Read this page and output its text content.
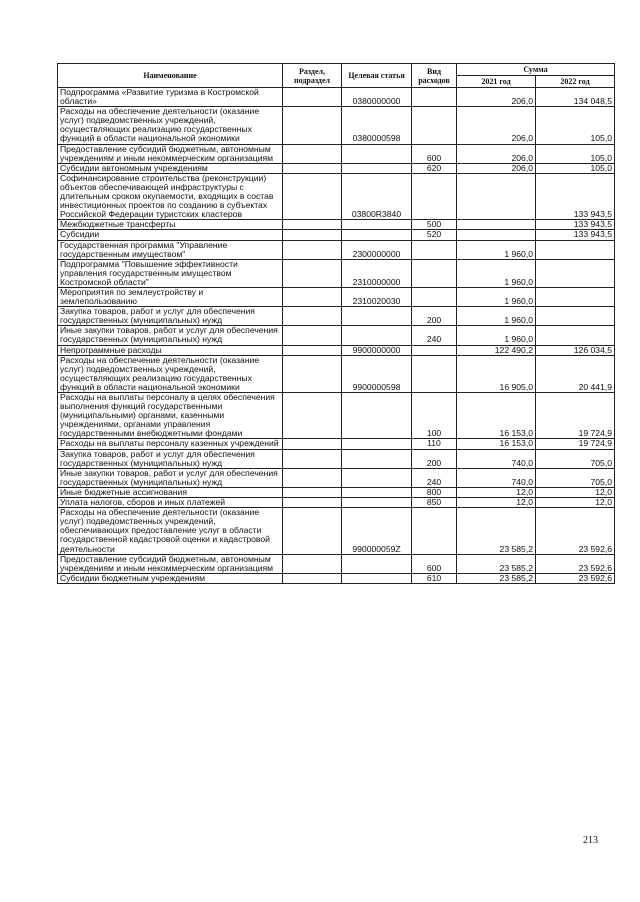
Наименование	Раздел, подраздел	Целевая статья	Вид расходов	Сумма	
				2021 год	2022 год
Подпрограмма «Развитие туризма в Костромской области»		0380000000		206,0	134 048,5
Расходы на обеспечение деятельности (оказание услуг) подведомственных учреждений, осуществляющих реализацию государственных функций в области национальной экономики		0380000598		206,0	105,0
Предоставление субсидий бюджетным, автономным учреждениям и иным некоммерческим организациям			600	206,0	105,0
Субсидии автономным учреждениям			620	206,0	105,0
Софинансирование строительства (реконструкции) объектов обеспечивающей инфраструктуры с длительным сроком окупаемости, входящих в состав инвестиционных проектов по созданию в субъектах Российской Федерации туристских кластеров		03800R3840			133 943,5
Межбюджетные трансферты			500		133 943,5
Субсидии			520		133 943,5
Государственная программа "Управление государственным имуществом"		2300000000		1 960,0	
Подпрограмма "Повышение эффективности управления государственным имуществом Костромской области"		2310000000		1 960,0	
Мероприятия по землеустройству и землепользованию		2310020030		1 960,0	
Закупка товаров, работ и услуг для обеспечения государственных (муниципальных) нужд			200	1 960,0	
Иные закупки товаров, работ и услуг для обеспечения государственных (муниципальных) нужд			240	1 960,0	
Непрограммные расходы		9900000000		122 490,2	126 034,5
Расходы на обеспечение деятельности (оказание услуг) подведомственных учреждений, осуществляющих реализацию государственных функций в области национальной экономики		9900000598		16 905,0	20 441,9
Расходы на выплаты персоналу в целях обеспечения выполнения функций государственными (муниципальными) органами, казенными учреждениями, органами управления государственными внебюджетными фондами			100	16 153,0	19 724,9
Расходы на выплаты персоналу казенных учреждений			110	16 153,0	19 724,9
Закупка товаров, работ и услуг для обеспечения государственных (муниципальных) нужд			200	740,0	705,0
Иные закупки товаров, работ и услуг для обеспечения государственных (муниципальных) нужд			240	740,0	705,0
Иные бюджетные ассигнования			800	12,0	12,0
Уплата налогов, сборов и иных платежей			850	12,0	12,0
Расходы на обеспечение деятельности (оказание услуг) подведомственных учреждений, обеспечивающих предоставление услуг в области государственной кадастровой оценки и кадастровой деятельности		990000059Z		23 585,2	23 592,6
Предоставление субсидий бюджетным, автономным учреждениям и иным некоммерческим организациям			600	23 585,2	23 592,6
Субсидии бюджетным учреждениям			610	23 585,2	23 592,6
213
